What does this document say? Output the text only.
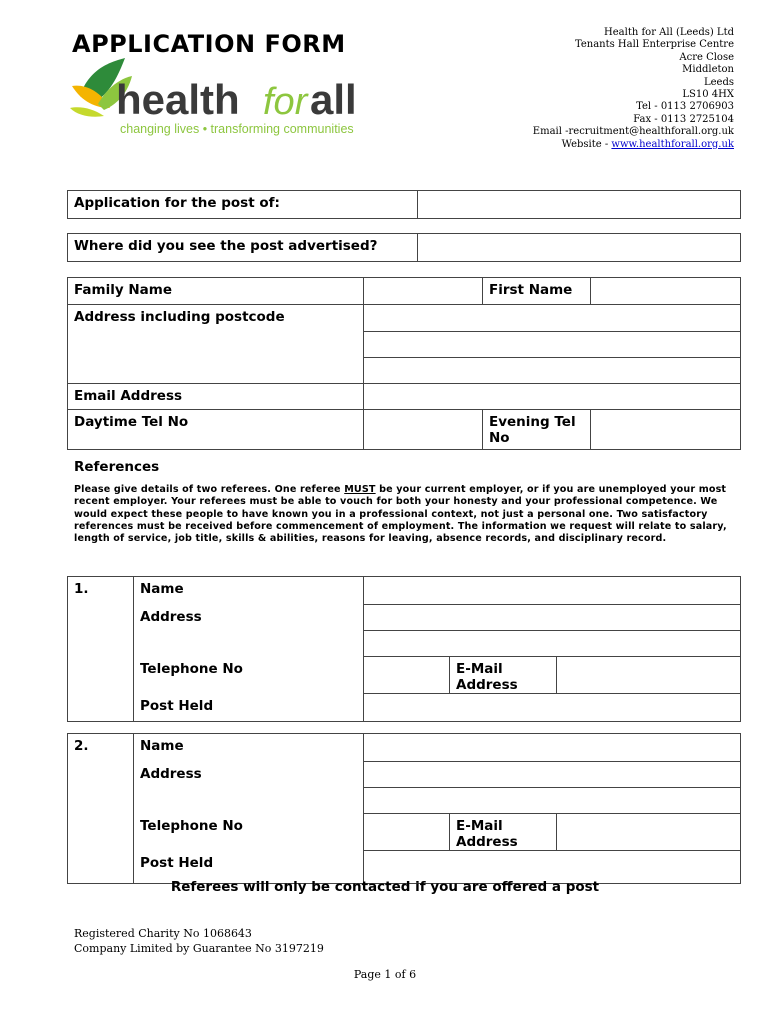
APPLICATION FORM
health for all
changing lives • transforming communities
Health for All (Leeds) Ltd
Tenants Hall Enterprise Centre
Acre Close
Middleton
Leeds
LS10 4HX
Tel - 0113 2706903
Fax - 0113 2725104
Email -recruitment@healthforall.org.uk
Website - www.healthforall.org.uk
Application for the post of:	
Where did you see the post advertised?	
Family Name		First Name	
Address including postcode			

Email Address			
Daytime Tel No		Evening Tel No	
References
Please give details of two referees. One referee MUST be your current employer, or if you are unemployed your most recent employer. Your referees must be able to vouch for both your honesty and your professional competence. We would expect these people to have known you in a professional context, not just a personal one. Two satisfactory references must be received before commencement of employment. The information we request will relate to salary, length of service, job title, skills & abilities, reasons for leaving, absence records, and disciplinary record.
1.	Name			
	Address			

	Telephone No		E-Mail Address	
	Post Held			
2.	Name			
	Address			

	Telephone No		E-Mail Address	
	Post Held			
Referees will only be contacted if you are offered a post
Registered Charity No 1068643
Company Limited by Guarantee No 3197219
Page 1 of 6
